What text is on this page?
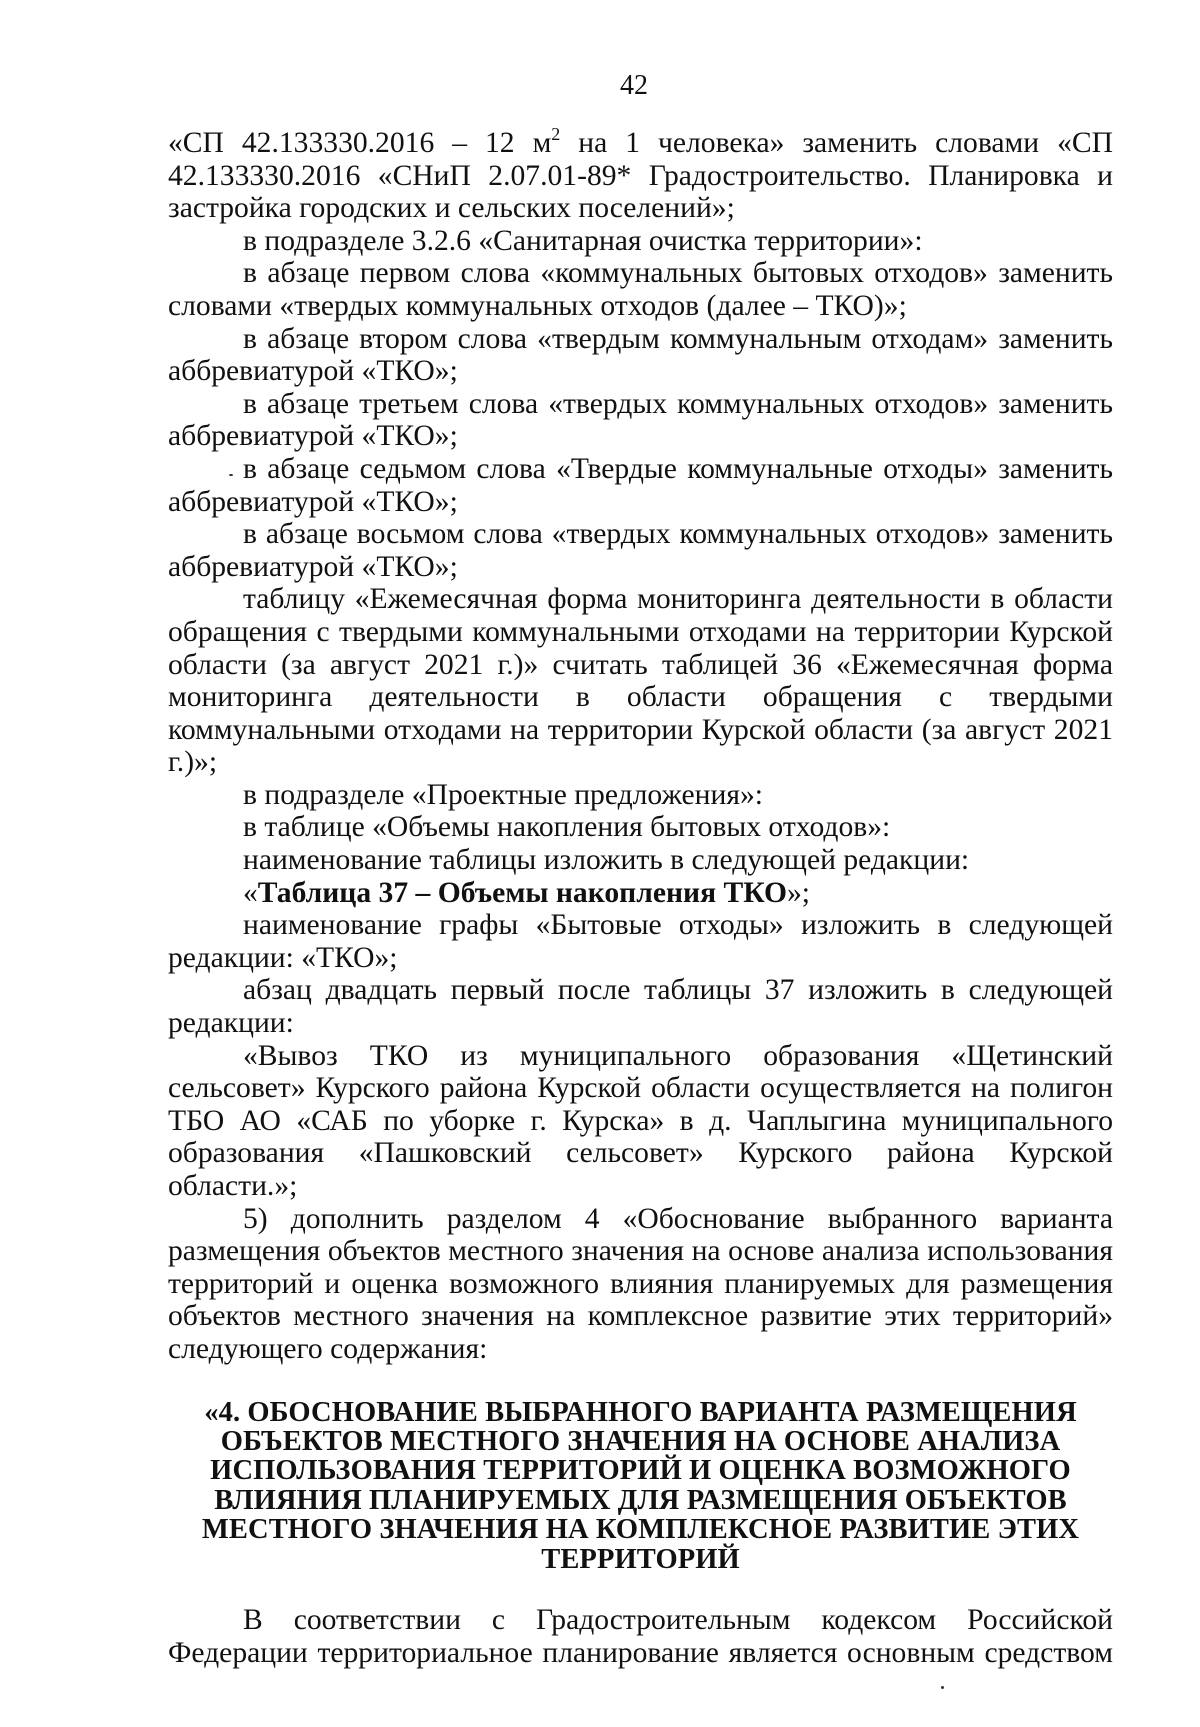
42

«СП 42.133330.2016 – 12 $м^2$ на 1 человека» заменить словами «СП 42.133330.2016 «СНиП 2.07.01-89* Градостроительство. Планировка и застройка городских и сельских поселений»;

в подразделе 3.2.6 «Санитарная очистка территории»:

в абзаце первом слова «коммунальных бытовых отходов» заменить словами «твердых коммунальных отходов (далее – ТКО)»;

в абзаце втором слова «твердым коммунальным отходам» заменить аббревиатурой «ТКО»;

в абзаце третьем слова «твердых коммунальных отходов» заменить аббревиатурой «ТКО»;

в абзаце седьмом слова «Твердые коммунальные отходы» заменить аббревиатурой «ТКО»;

в абзаце восьмом слова «твердых коммунальных отходов» заменить аббревиатурой «ТКО»;

таблицу «Ежемесячная форма мониторинга деятельности в области обращения с твердыми коммунальными отходами на территории Курской области (за август 2021 г.)» считать таблицей 36 «Ежемесячная форма мониторинга деятельности в области обращения с твердыми коммунальными отходами на территории Курской области (за август 2021 г.)»;

в подразделе «Проектные предложения»:

в таблице «Объемы накопления бытовых отходов»:

наименование таблицы изложить в следующей редакции:

«Таблица 37 – Объемы накопления ТКО»;

наименование графы «Бытовые отходы» изложить в следующей редакции: «ТКО»;

абзац двадцать первый после таблицы 37 изложить в следующей редакции:

«Вывоз ТКО из муниципального образования «Щетинский сельсовет» Курского района Курской области осуществляется на полигон ТБО АО «САБ по уборке г. Курска» в д. Чаплыгина муниципального образования «Пашковский сельсовет» Курского района Курской области.»;

5) дополнить разделом 4 «Обоснование выбранного варианта размещения объектов местного значения на основе анализа использования территорий и оценка возможного влияния планируемых для размещения объектов местного значения на комплексное развитие этих территорий» следующего содержания:

«4. ОБОСНОВАНИЕ ВЫБРАННОГО ВАРИАНТА РАЗМЕЩЕНИЯ ОБЪЕКТОВ МЕСТНОГО ЗНАЧЕНИЯ НА ОСНОВЕ АНАЛИЗА ИСПОЛЬЗОВАНИЯ ТЕРРИТОРИЙ И ОЦЕНКА ВОЗМОЖНОГО ВЛИЯНИЯ ПЛАНИРУЕМЫХ ДЛЯ РАЗМЕЩЕНИЯ ОБЪЕКТОВ МЕСТНОГО ЗНАЧЕНИЯ НА КОМПЛЕКСНОЕ РАЗВИТИЕ ЭТИХ ТЕРРИТОРИЙ

В соответствии с Градостроительным кодексом Российской Федерации территориальное планирование является основным средством
